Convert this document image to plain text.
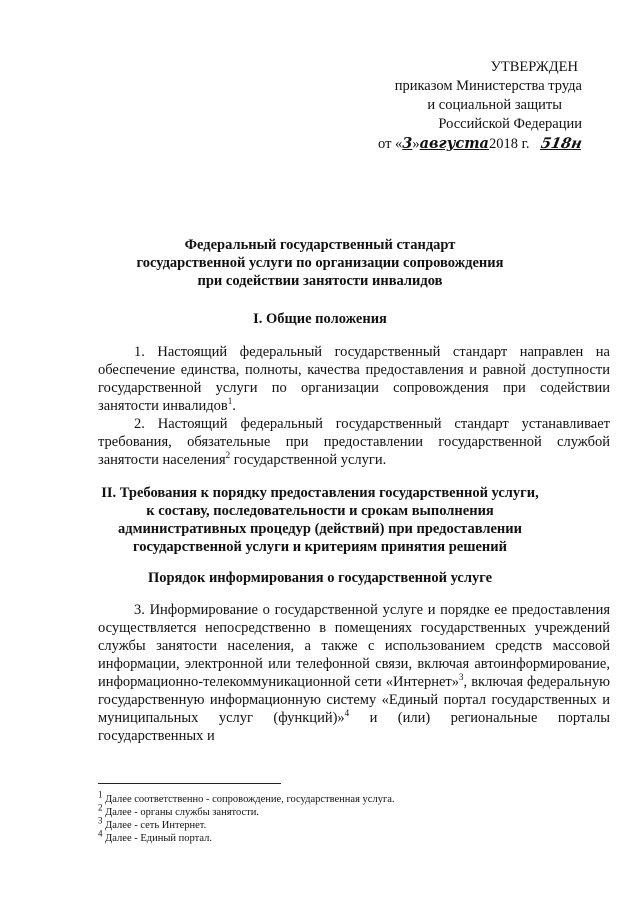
УТВЕРЖДЕН
приказом Министерства труда
и социальной защиты
Российской Федерации
от «3»августа2018 г. 518н
Федеральный государственный стандарт
государственной услуги по организации сопровождения
при содействии занятости инвалидов
I. Общие положения
1. Настоящий федеральный государственный стандарт направлен на обеспечение единства, полноты, качества предоставления и равной доступности государственной услуги по организации сопровождения при содействии занятости инвалидов$^1$.
2. Настоящий федеральный государственный стандарт устанавливает требования, обязательные при предоставлении государственной службой занятости населения$^2$ государственной услуги.
II. Требования к порядку предоставления государственной услуги,
к составу, последовательности и срокам выполнения
административных процедур (действий) при предоставлении
государственной услуги и критериям принятия решений
Порядок информирования о государственной услуге
3. Информирование о государственной услуге и порядке ее предоставления осуществляется непосредственно в помещениях государственных учреждений службы занятости населения, а также с использованием средств массовой информации, электронной или телефонной связи, включая автоинформирование, информационно-телекоммуникационной сети «Интернет»$^3$, включая федеральную государственную информационную систему «Единый портал государственных и муниципальных услуг (функций)»$^4$ и (или) региональные порталы государственных и
$^1$ Далее соответственно - сопровождение, государственная услуга.
$^2$ Далее - органы службы занятости.
$^3$ Далее - сеть Интернет.
$^4$ Далее - Единый портал.
